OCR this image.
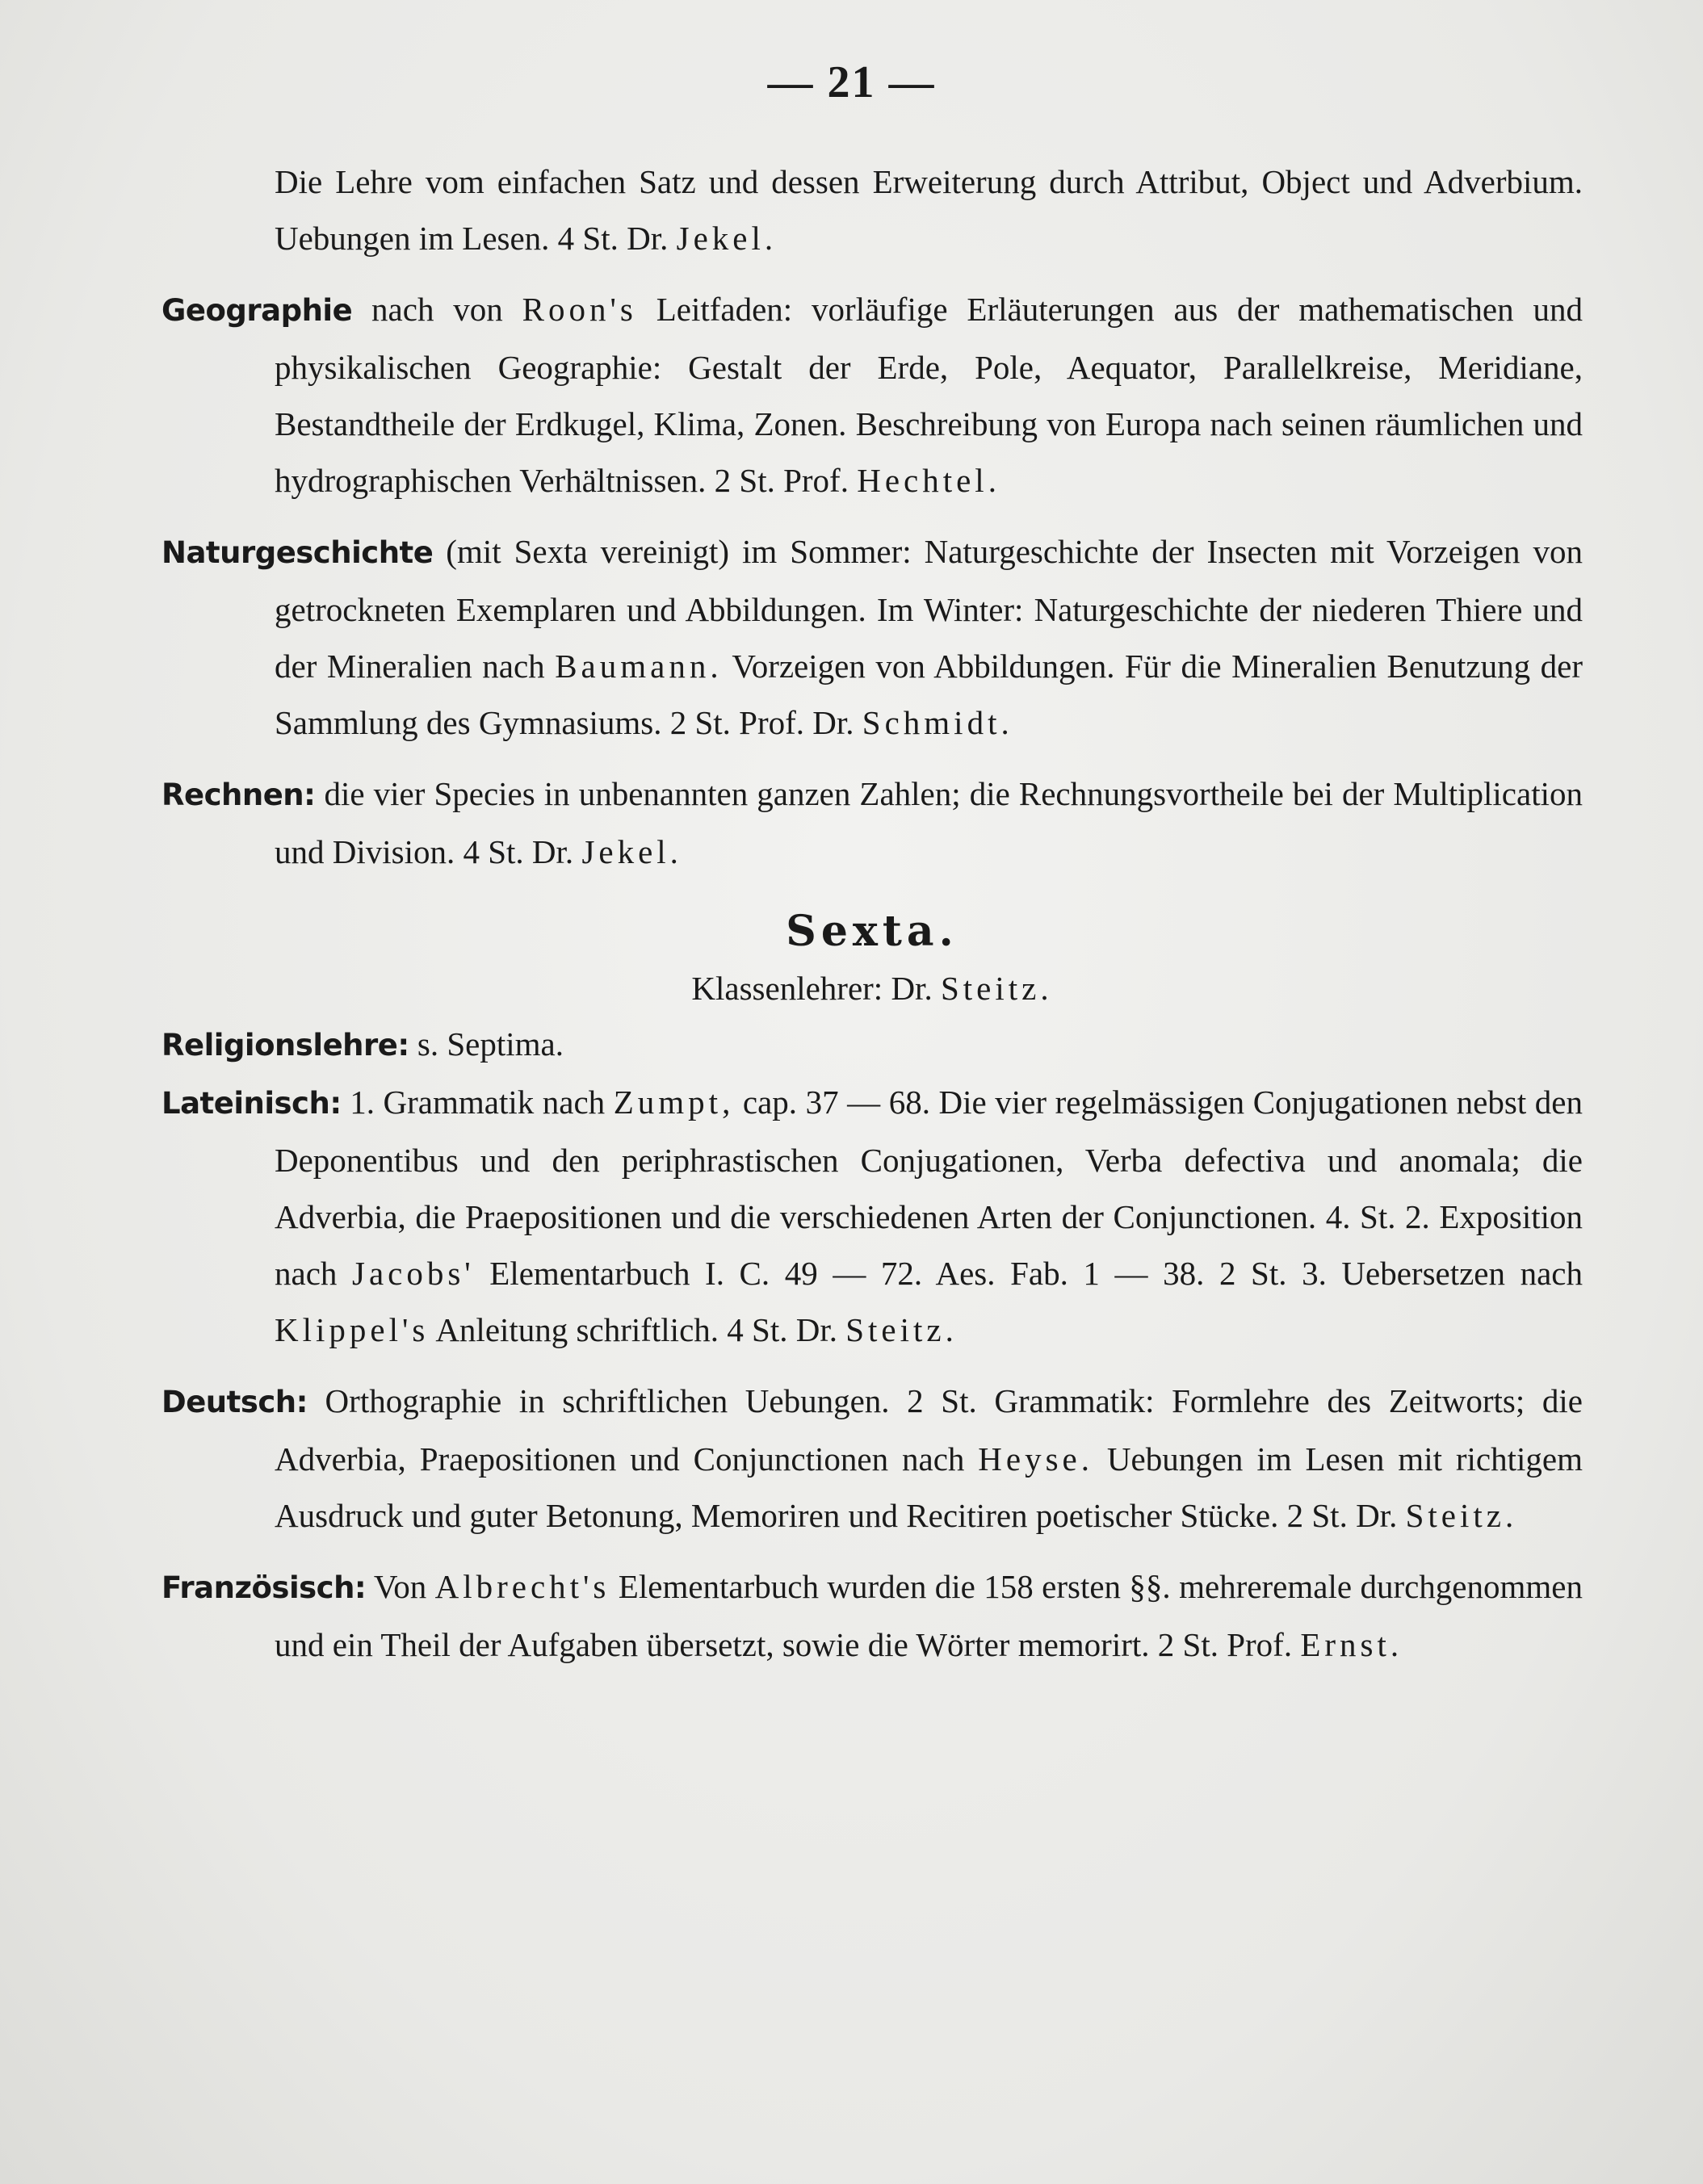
— 21 —

Die Lehre vom einfachen Satz und dessen Erweiterung durch Attribut, Object und Adverbium. Uebungen im Lesen. 4 St. Dr. Jekel.

Geographie nach von Roon's Leitfaden: vorläufige Erläuterungen aus der mathematischen und physikalischen Geographie: Gestalt der Erde, Pole, Aequator, Parallelkreise, Meridiane, Bestandtheile der Erdkugel, Klima, Zonen. Beschreibung von Europa nach seinen räumlichen und hydrographischen Verhältnissen. 2 St. Prof. Hechtel.

Naturgeschichte (mit Sexta vereinigt) im Sommer: Naturgeschichte der Insecten mit Vorzeigen von getrockneten Exemplaren und Abbildungen. Im Winter: Naturgeschichte der niederen Thiere und der Mineralien nach Baumann. Vorzeigen von Abbildungen. Für die Mineralien Benutzung der Sammlung des Gymnasiums. 2 St. Prof. Dr. Schmidt.

Rechnen: die vier Species in unbenannten ganzen Zahlen; die Rechnungsvortheile bei der Multiplication und Division. 4 St. Dr. Jekel.

Sexta.

Klassenlehrer: Dr. Steitz.

Religionslehre: s. Septima.

Lateinisch: 1. Grammatik nach Zumpt, cap. 37 — 68. Die vier regelmässigen Conjugationen nebst den Deponentibus und den periphrastischen Conjugationen, Verba defectiva und anomala; die Adverbia, die Praepositionen und die verschiedenen Arten der Conjunctionen. 4. St. 2. Exposition nach Jacobs' Elementarbuch I. C. 49 — 72. Aes. Fab. 1 — 38. 2 St. 3. Uebersetzen nach Klippel's Anleitung schriftlich. 4 St. Dr. Steitz.

Deutsch: Orthographie in schriftlichen Uebungen. 2 St. Grammatik: Formlehre des Zeitworts; die Adverbia, Praepositionen und Conjunctionen nach Heyse. Uebungen im Lesen mit richtigem Ausdruck und guter Betonung, Memoriren und Recitiren poetischer Stücke. 2 St. Dr. Steitz.

Französisch: Von Albrecht's Elementarbuch wurden die 158 ersten §§. mehreremale durchgenommen und ein Theil der Aufgaben übersetzt, sowie die Wörter memorirt. 2 St. Prof. Ernst.
